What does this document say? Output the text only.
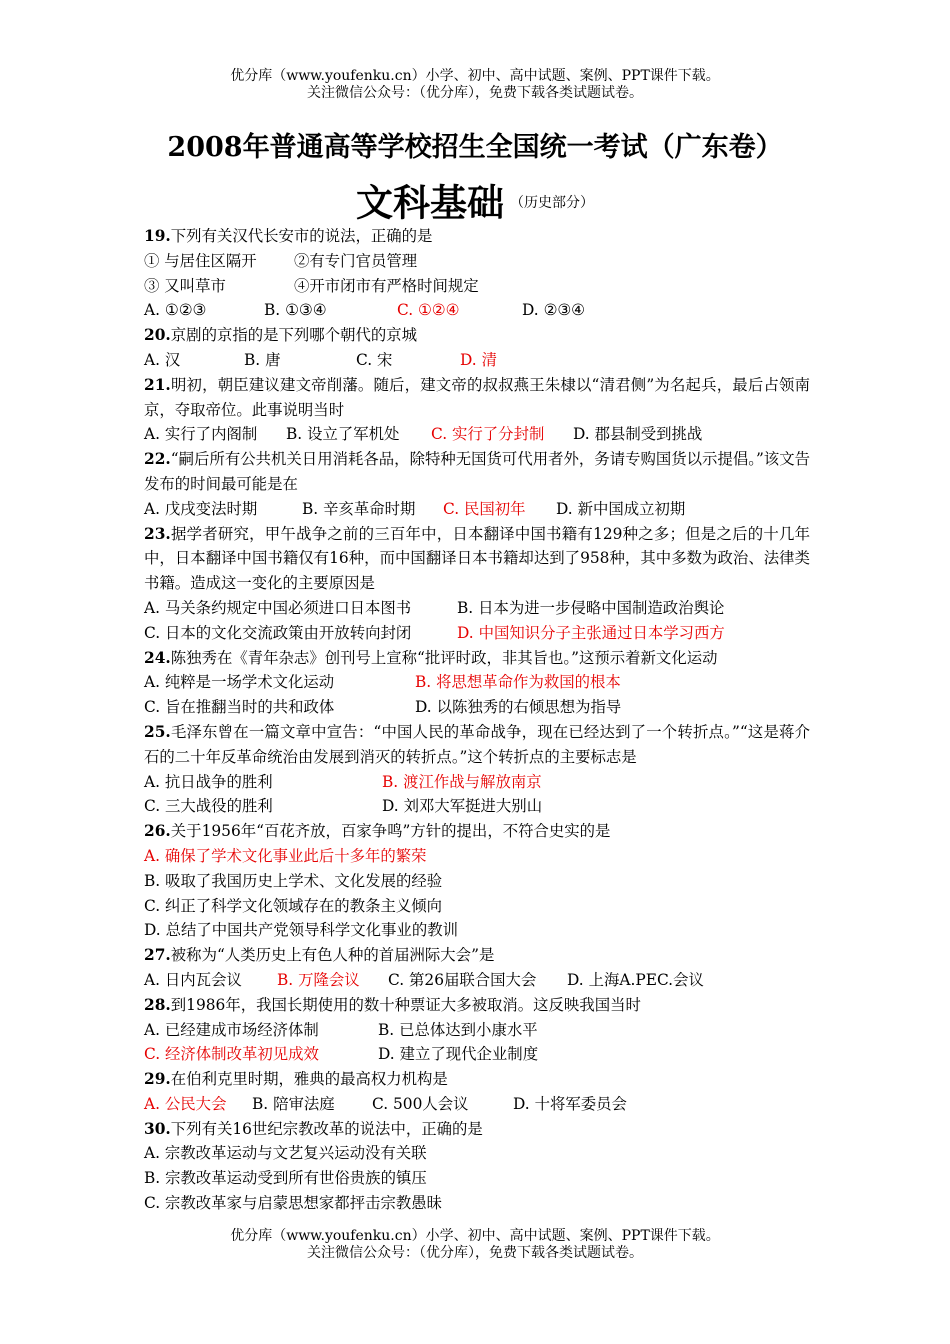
优分库（www.youfenku.cn）小学、初中、高中试题、案例、PPT课件下载。
关注微信公众号：（优分库），免费下载各类试题试卷。
2008年普通高等学校招生全国统一考试（广东卷）
文科基础 （历史部分）
19.下列有关汉代长安市的说法，正确的是
① 与居住区隔开 ②有专门官员管理
③ 又叫草市	④开市闭市有严格时间规定
A. ①②③	B. ①③④	C. ①②④	D. ②③④
20.京剧的京指的是下列哪个朝代的京城
A. 汉	B. 唐	C. 宋	D. 清
21.明初，朝臣建议建文帝削藩。随后，建文帝的叔叔燕王朱棣以“清君侧”为名起兵，最后占领南京，夺取帝位。此事说明当时
A. 实行了内阁制 B. 设立了军机处 C. 实行了分封制 D. 郡县制受到挑战
22.“嗣后所有公共机关日用消耗各品，除特种无国货可代用者外，务请专购国货以示提倡。”该文告发布的时间最可能是在
A. 戊戌变法时期	B. 辛亥革命时期 C. 民国初年 D. 新中国成立初期
23.据学者研究，甲午战争之前的三百年中，日本翻译中国书籍有129种之多；但是之后的十几年中，日本翻译中国书籍仅有16种，而中国翻译日本书籍却达到了958种，其中多数为政治、法律类书籍。造成这一变化的主要原因是
A. 马关条约规定中国必须进口日本图书	B. 日本为进一步侵略中国制造政治舆论
C. 日本的文化交流政策由开放转向封闭	D. 中国知识分子主张通过日本学习西方
24.陈独秀在《青年杂志》创刊号上宣称“批评时政，非其旨也。”这预示着新文化运动
A. 纯粹是一场学术文化运动	B. 将思想革命作为救国的根本
C. 旨在推翻当时的共和政体	D. 以陈独秀的右倾思想为指导
25.毛泽东曾在一篇文章中宣告：“中国人民的革命战争，现在已经达到了一个转折点。”“这是蒋介石的二十年反革命统治由发展到消灭的转折点。”这个转折点的主要标志是
A. 抗日战争的胜利	B. 渡江作战与解放南京
C. 三大战役的胜利	D. 刘邓大军挺进大别山
26.关于1956年“百花齐放，百家争鸣”方针的提出，不符合史实的是
A. 确保了学术文化事业此后十多年的繁荣
B. 吸取了我国历史上学术、文化发展的经验
C. 纠正了科学文化领域存在的教条主义倾向
D. 总结了中国共产党领导科学文化事业的教训
27.被称为“人类历史上有色人种的首届洲际大会”是
A. 日内瓦会议 B. 万隆会议 C. 第26届联合国大会 D. 上海A.PEC.会议
28.到1986年，我国长期使用的数十种票证大多被取消。这反映我国当时
A. 已经建成市场经济体制	B. 已总体达到小康水平
C. 经济体制改革初见成效	D. 建立了现代企业制度
29.在伯利克里时期，雅典的最高权力机构是
A. 公民大会 B. 陪审法庭 C. 500人会议	D. 十将军委员会
30.下列有关16世纪宗教改革的说法中，正确的是
A. 宗教改革运动与文艺复兴运动没有关联
B. 宗教改革运动受到所有世俗贵族的镇压
C. 宗教改革家与启蒙思想家都抨击宗教愚昧
优分库（www.youfenku.cn）小学、初中、高中试题、案例、PPT课件下载。
关注微信公众号：（优分库），免费下载各类试题试卷。
